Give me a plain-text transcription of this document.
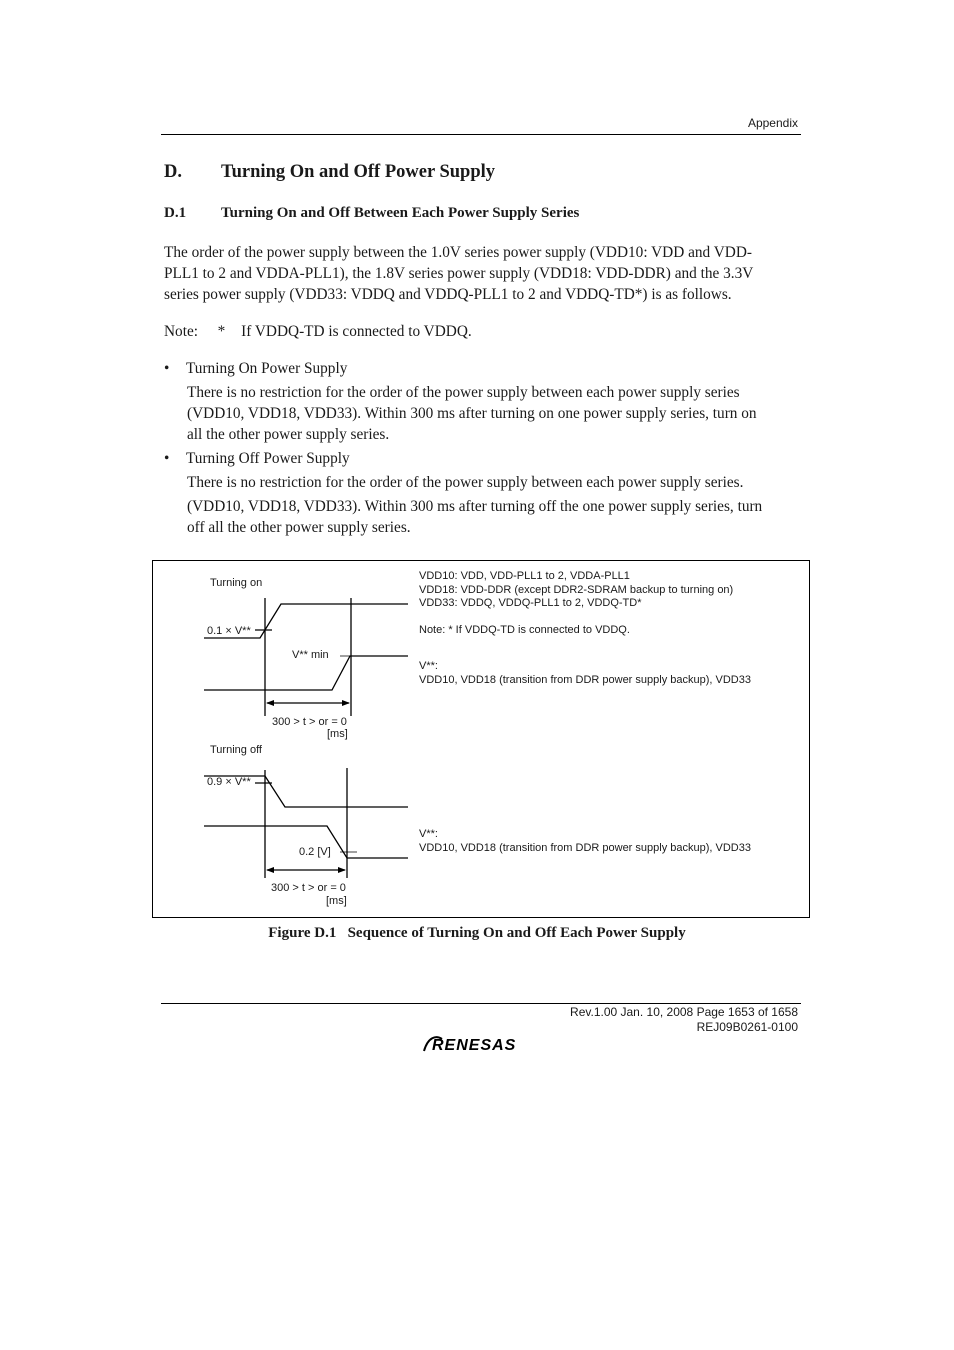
Appendix
D. Turning On and Off Power Supply
D.1 Turning On and Off Between Each Power Supply Series
The order of the power supply between the 1.0V series power supply (VDD10: VDD and VDD-
PLL1 to 2 and VDDA-PLL1), the 1.8V series power supply (VDD18: VDD-DDR) and the 3.3V
series power supply (VDD33: VDDQ and VDDQ-PLL1 to 2 and VDDQ-TD*) is as follows.
Note: * If VDDQ-TD is connected to VDDQ.
• Turning On Power Supply
There is no restriction for the order of the power supply between each power supply series
(VDD10, VDD18, VDD33). Within 300 ms after turning on one power supply series, turn on
all the other power supply series.
• Turning Off Power Supply
There is no restriction for the order of the power supply between each power supply series.
(VDD10, VDD18, VDD33). Within 300 ms after turning off the one power supply series, turn
off all the other power supply series.
Turning on
0.1 × V**
V** min
300 > t > or = 0
[ms]
Turning off
0.9 × V**
0.2 [V]
300 > t > or = 0
[ms]
VDD10: VDD, VDD-PLL1 to 2, VDDA-PLL1
VDD18: VDD-DDR (except DDR2-SDRAM backup to turning on)
VDD33: VDDQ, VDDQ-PLL1 to 2, VDDQ-TD*
Note: * If VDDQ-TD is connected to VDDQ.
V**:
VDD10, VDD18 (transition from DDR power supply backup), VDD33
V**:
VDD10, VDD18 (transition from DDR power supply backup), VDD33
Figure D.1 Sequence of Turning On and Off Each Power Supply
Rev.1.00 Jan. 10, 2008 Page 1653 of 1658
REJ09B0261-0100
RENESAS
